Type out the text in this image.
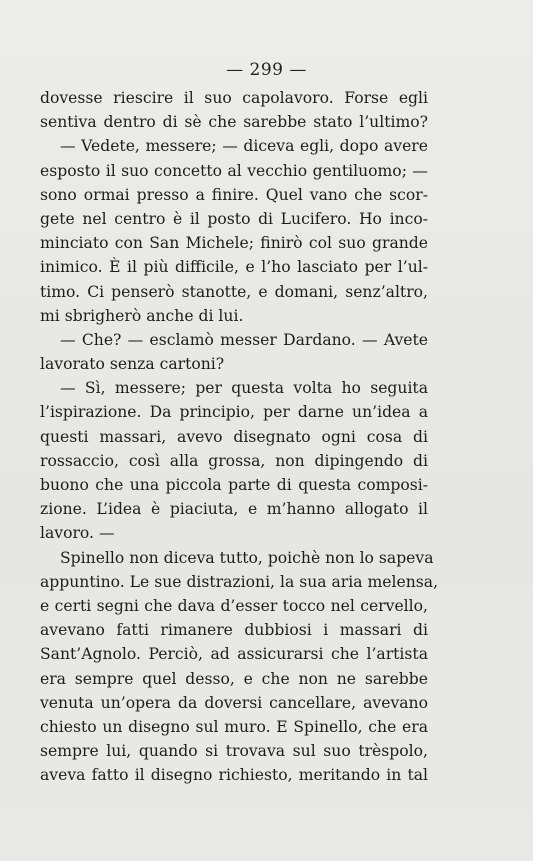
— 299 —
dovesse riescire il suo capolavoro. Forse egli
sentiva dentro di sè che sarebbe stato l’ultimo?
— Vedete, messere; — diceva egli, dopo avere
esposto il suo concetto al vecchio gentiluomo; —
sono ormai presso a finire. Quel vano che scor-
gete nel centro è il posto di Lucifero. Ho inco-
minciato con San Michele; finirò col suo grande
inimico. È il più difficile, e l’ho lasciato per l’ul-
timo. Ci penserò stanotte, e domani, senz’altro,
mi sbrigherò anche di lui.
— Che? — esclamò messer Dardano. — Avete
lavorato senza cartoni?
— Sì, messere; per questa volta ho seguita
l’ispirazione. Da principio, per darne un’idea a
questi massari, avevo disegnato ogni cosa di
rossaccio, così alla grossa, non dipingendo di
buono che una piccola parte di questa composi-
zione. L’idea è piaciuta, e m’hanno allogato il
lavoro. —
Spinello non diceva tutto, poichè non lo sapeva
appuntino. Le sue distrazioni, la sua aria melensa,
e certi segni che dava d’esser tocco nel cervello,
avevano fatti rimanere dubbiosi i massari di
Sant’Agnolo. Perciò, ad assicurarsi che l’artista
era sempre quel desso, e che non ne sarebbe
venuta un’opera da doversi cancellare, avevano
chiesto un disegno sul muro. E Spinello, che era
sempre lui, quando si trovava sul suo trèspolo,
aveva fatto il disegno richiesto, meritando in tal
